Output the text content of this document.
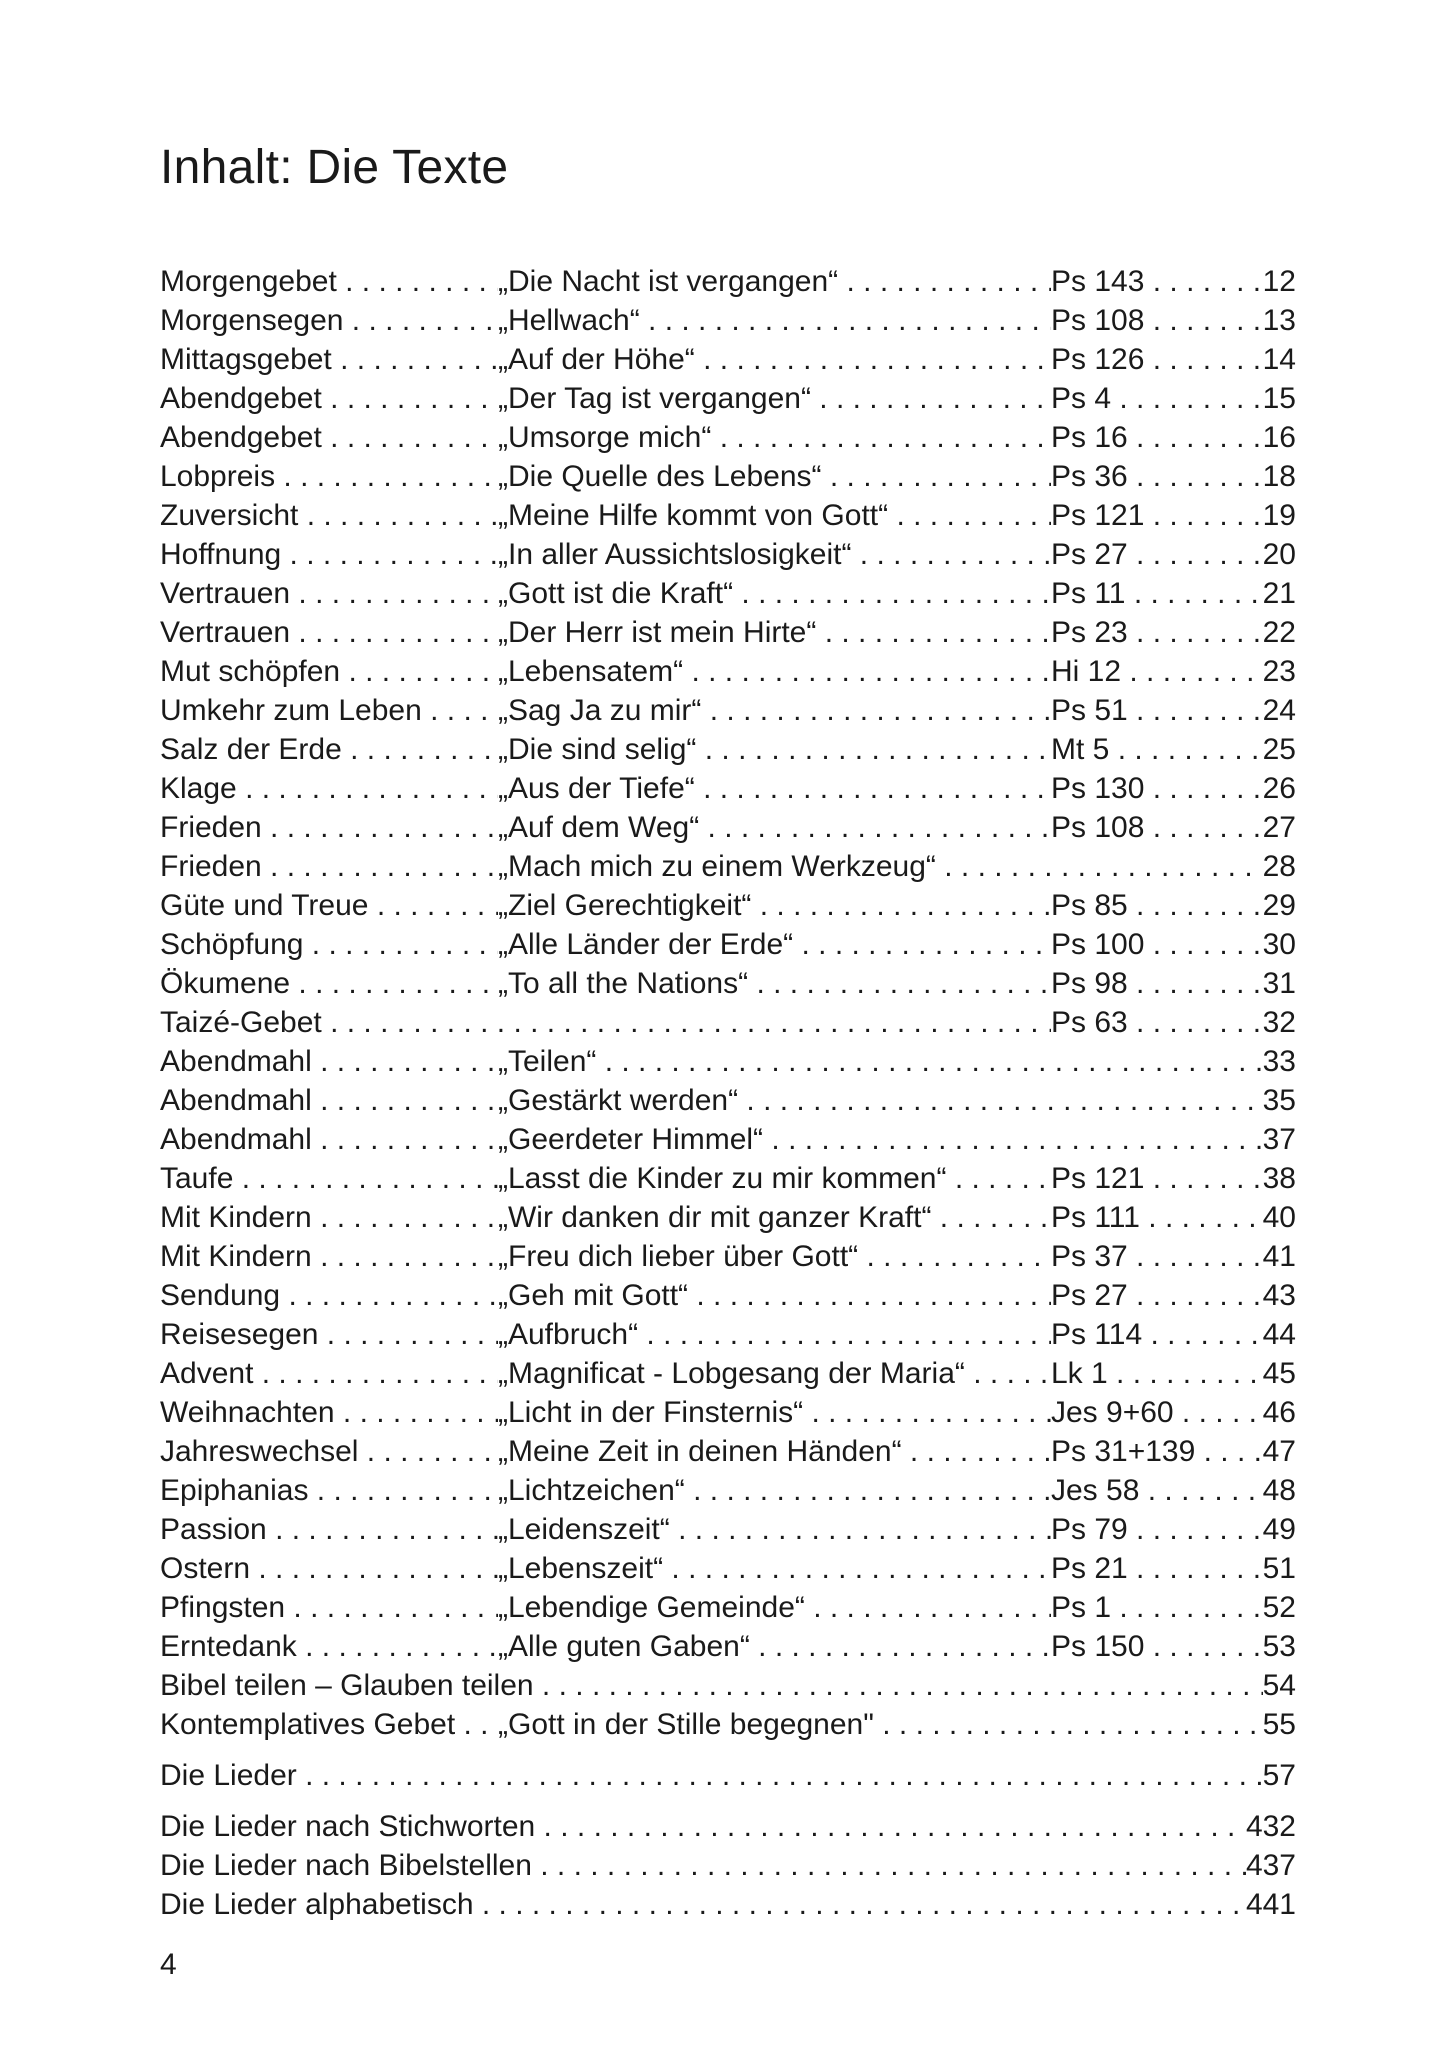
Inhalt: Die Texte
Morgengebet . . .	„Die Nacht ist vergangen“ . . .	Ps 143 . . .	12
Morgensegen . . .	„Hellwach“ . . .	Ps 108 . . .	13
Mittagsgebet . . .	„Auf der Höhe“ . . .	Ps 126 . . .	14
Abendgebet . . .	„Der Tag ist vergangen“ . . .	Ps 4 . . .	15
Abendgebet . . .	„Umsorge mich“ . . .	Ps 16 . . .	16
Lobpreis . . .	„Die Quelle des Lebens“ . . .	Ps 36 . . .	18
Zuversicht . . .	„Meine Hilfe kommt von Gott“ . . .	Ps 121 . . .	19
Hoffnung . . .	„In aller Aussichtslosigkeit“ . . .	Ps 27 . . .	20
Vertrauen . . .	„Gott ist die Kraft“ . . .	Ps 11 . . .	21
Vertrauen . . .	„Der Herr ist mein Hirte“ . . .	Ps 23 . . .	22
Mut schöpfen . . .	„Lebensatem“ . . .	Hi 12 . . .	23
Umkehr zum Leben . . .	„Sag Ja zu mir“ . . .	Ps 51 . . .	24
Salz der Erde . . .	„Die sind selig“ . . .	Mt 5 . . .	25
Klage . . .	„Aus der Tiefe“ . . .	Ps 130 . . .	26
Frieden . . .	„Auf dem Weg“ . . .	Ps 108 . . .	27
Frieden . . .	„Mach mich zu einem Werkzeug“ . . .	28
Güte und Treue . . .	„Ziel Gerechtigkeit“ . . .	Ps 85 . . .	29
Schöpfung . . .	„Alle Länder der Erde“ . . .	Ps 100 . . .	30
Ökumene . . .	„To all the Nations“ . . .	Ps 98 . . .	31
Taizé-Gebet . . .	Ps 63 . . .	32
Abendmahl . . .	„Teilen“ . . .	33
Abendmahl . . .	„Gestärkt werden“ . . .	35
Abendmahl . . .	„Geerdeter Himmel“ . . .	37
Taufe . . .	„Lasst die Kinder zu mir kommen“ . . .	Ps 121 . . .	38
Mit Kindern . . .	„Wir danken dir mit ganzer Kraft“ . . .	Ps 111 . . .	40
Mit Kindern . . .	„Freu dich lieber über Gott“ . . .	Ps 37 . . .	41
Sendung . . .	„Geh mit Gott“ . . .	Ps 27 . . .	43
Reisesegen . . .	„Aufbruch“ . . .	Ps 114 . . .	44
Advent . . .	„Magnificat - Lobgesang der Maria“ . . .	Lk 1 . . .	45
Weihnachten . . .	„Licht in der Finsternis“ . . .	Jes 9+60 . . .	46
Jahreswechsel . . .	„Meine Zeit in deinen Händen“ . . .	Ps 31+139 . . .	47
Epiphanias . . .	„Lichtzeichen“ . . .	Jes 58 . . .	48
Passion . . .	„Leidenszeit“ . . .	Ps 79 . . .	49
Ostern . . .	„Lebenszeit“ . . .	Ps 21 . . .	51
Pfingsten . . .	„Lebendige Gemeinde“ . . .	Ps 1 . . .	52
Erntedank . . .	„Alle guten Gaben“ . . .	Ps 150 . . .	53
Bibel teilen – Glauben teilen . . .	54
Kontemplatives Gebet . . .	„Gott in der Stille begegnen" . . .	55
Die Lieder . . .	57
Die Lieder nach Stichworten . . .	432
Die Lieder nach Bibelstellen . . .	437
Die Lieder alphabetisch . . .	441
4
